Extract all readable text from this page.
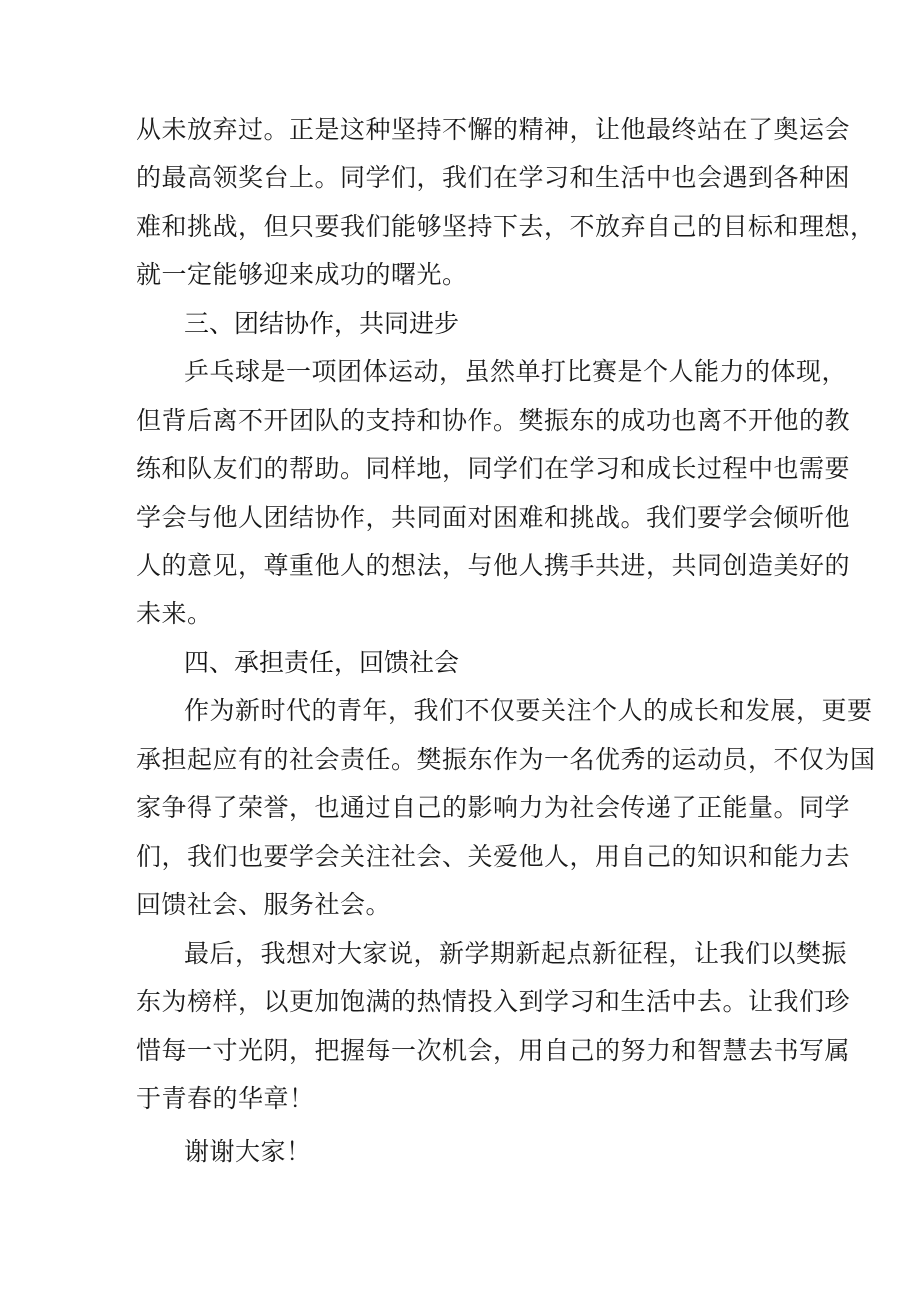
从未放弃过。正是这种坚持不懈的精神，让他最终站在了奥运会
的最高领奖台上。同学们，我们在学习和生活中也会遇到各种困
难和挑战，但只要我们能够坚持下去，不放弃自己的目标和理想，
就一定能够迎来成功的曙光。
三、团结协作，共同进步
乒乓球是一项团体运动，虽然单打比赛是个人能力的体现，
但背后离不开团队的支持和协作。樊振东的成功也离不开他的教
练和队友们的帮助。同样地，同学们在学习和成长过程中也需要
学会与他人团结协作，共同面对困难和挑战。我们要学会倾听他
人的意见，尊重他人的想法，与他人携手共进，共同创造美好的
未来。
四、承担责任，回馈社会
作为新时代的青年，我们不仅要关注个人的成长和发展，更要
承担起应有的社会责任。樊振东作为一名优秀的运动员，不仅为国
家争得了荣誉，也通过自己的影响力为社会传递了正能量。同学
们，我们也要学会关注社会、关爱他人，用自己的知识和能力去
回馈社会、服务社会。
最后，我想对大家说，新学期新起点新征程，让我们以樊振
东为榜样，以更加饱满的热情投入到学习和生活中去。让我们珍
惜每一寸光阴，把握每一次机会，用自己的努力和智慧去书写属
于青春的华章！
谢谢大家！
